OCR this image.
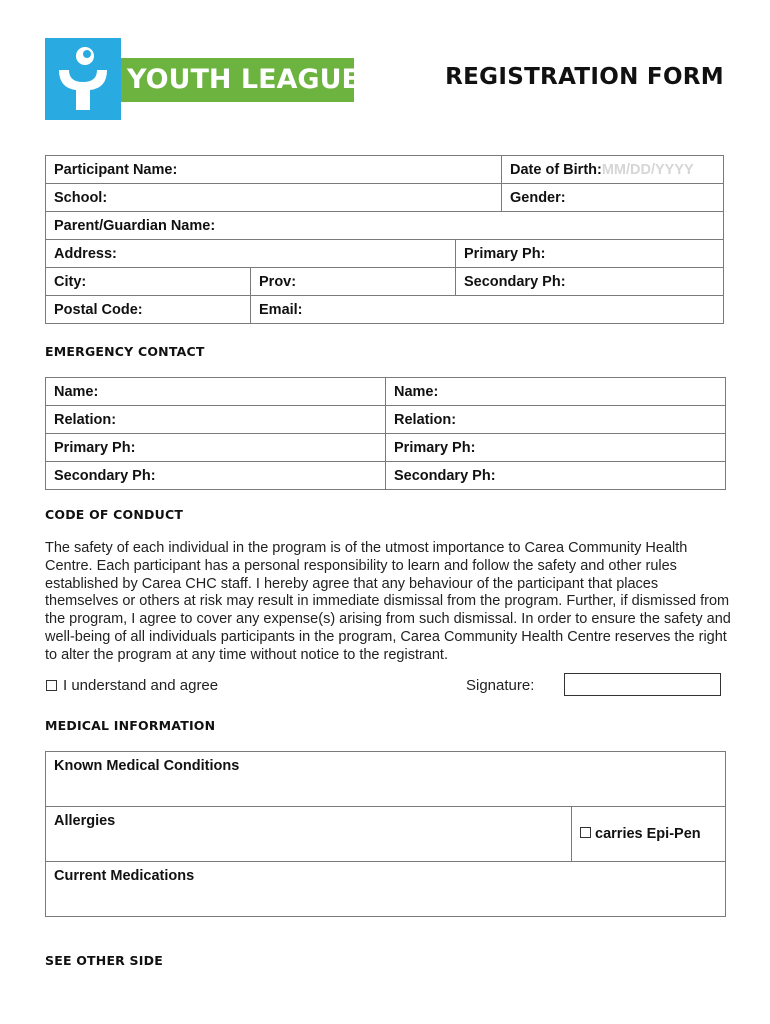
YOUTH LEAGUE	REGISTRATION FORM
Participant Name:			Date of Birth:MM/DD/YYYY
School:			Gender:
Parent/Guardian Name:			
Address:		Primary Ph:	
City:	Prov:	Secondary Ph:	
Postal Code:	Email:		
EMERGENCY CONTACT
Name:	Name:
Relation:	Relation:
Primary Ph:	Primary Ph:
Secondary Ph:	Secondary Ph:
CODE OF CONDUCT
The safety of each individual in the program is of the utmost importance to Carea Community Health Centre. Each participant has a personal responsibility to learn and follow the safety and other rules established by Carea CHC staff. I hereby agree that any behaviour of the participant that places themselves or others at risk may result in immediate dismissal from the program. Further, if dismissed from the program, I agree to cover any expense(s) arising from such dismissal. In order to ensure the safety and well-being of all individuals participants in the program, Carea Community Health Centre reserves the right to alter the program at any time without notice to the registrant.
I understand and agree	Signature:
MEDICAL INFORMATION
Known Medical Conditions
Allergies	carries Epi-Pen
Current Medications
SEE OTHER SIDE
